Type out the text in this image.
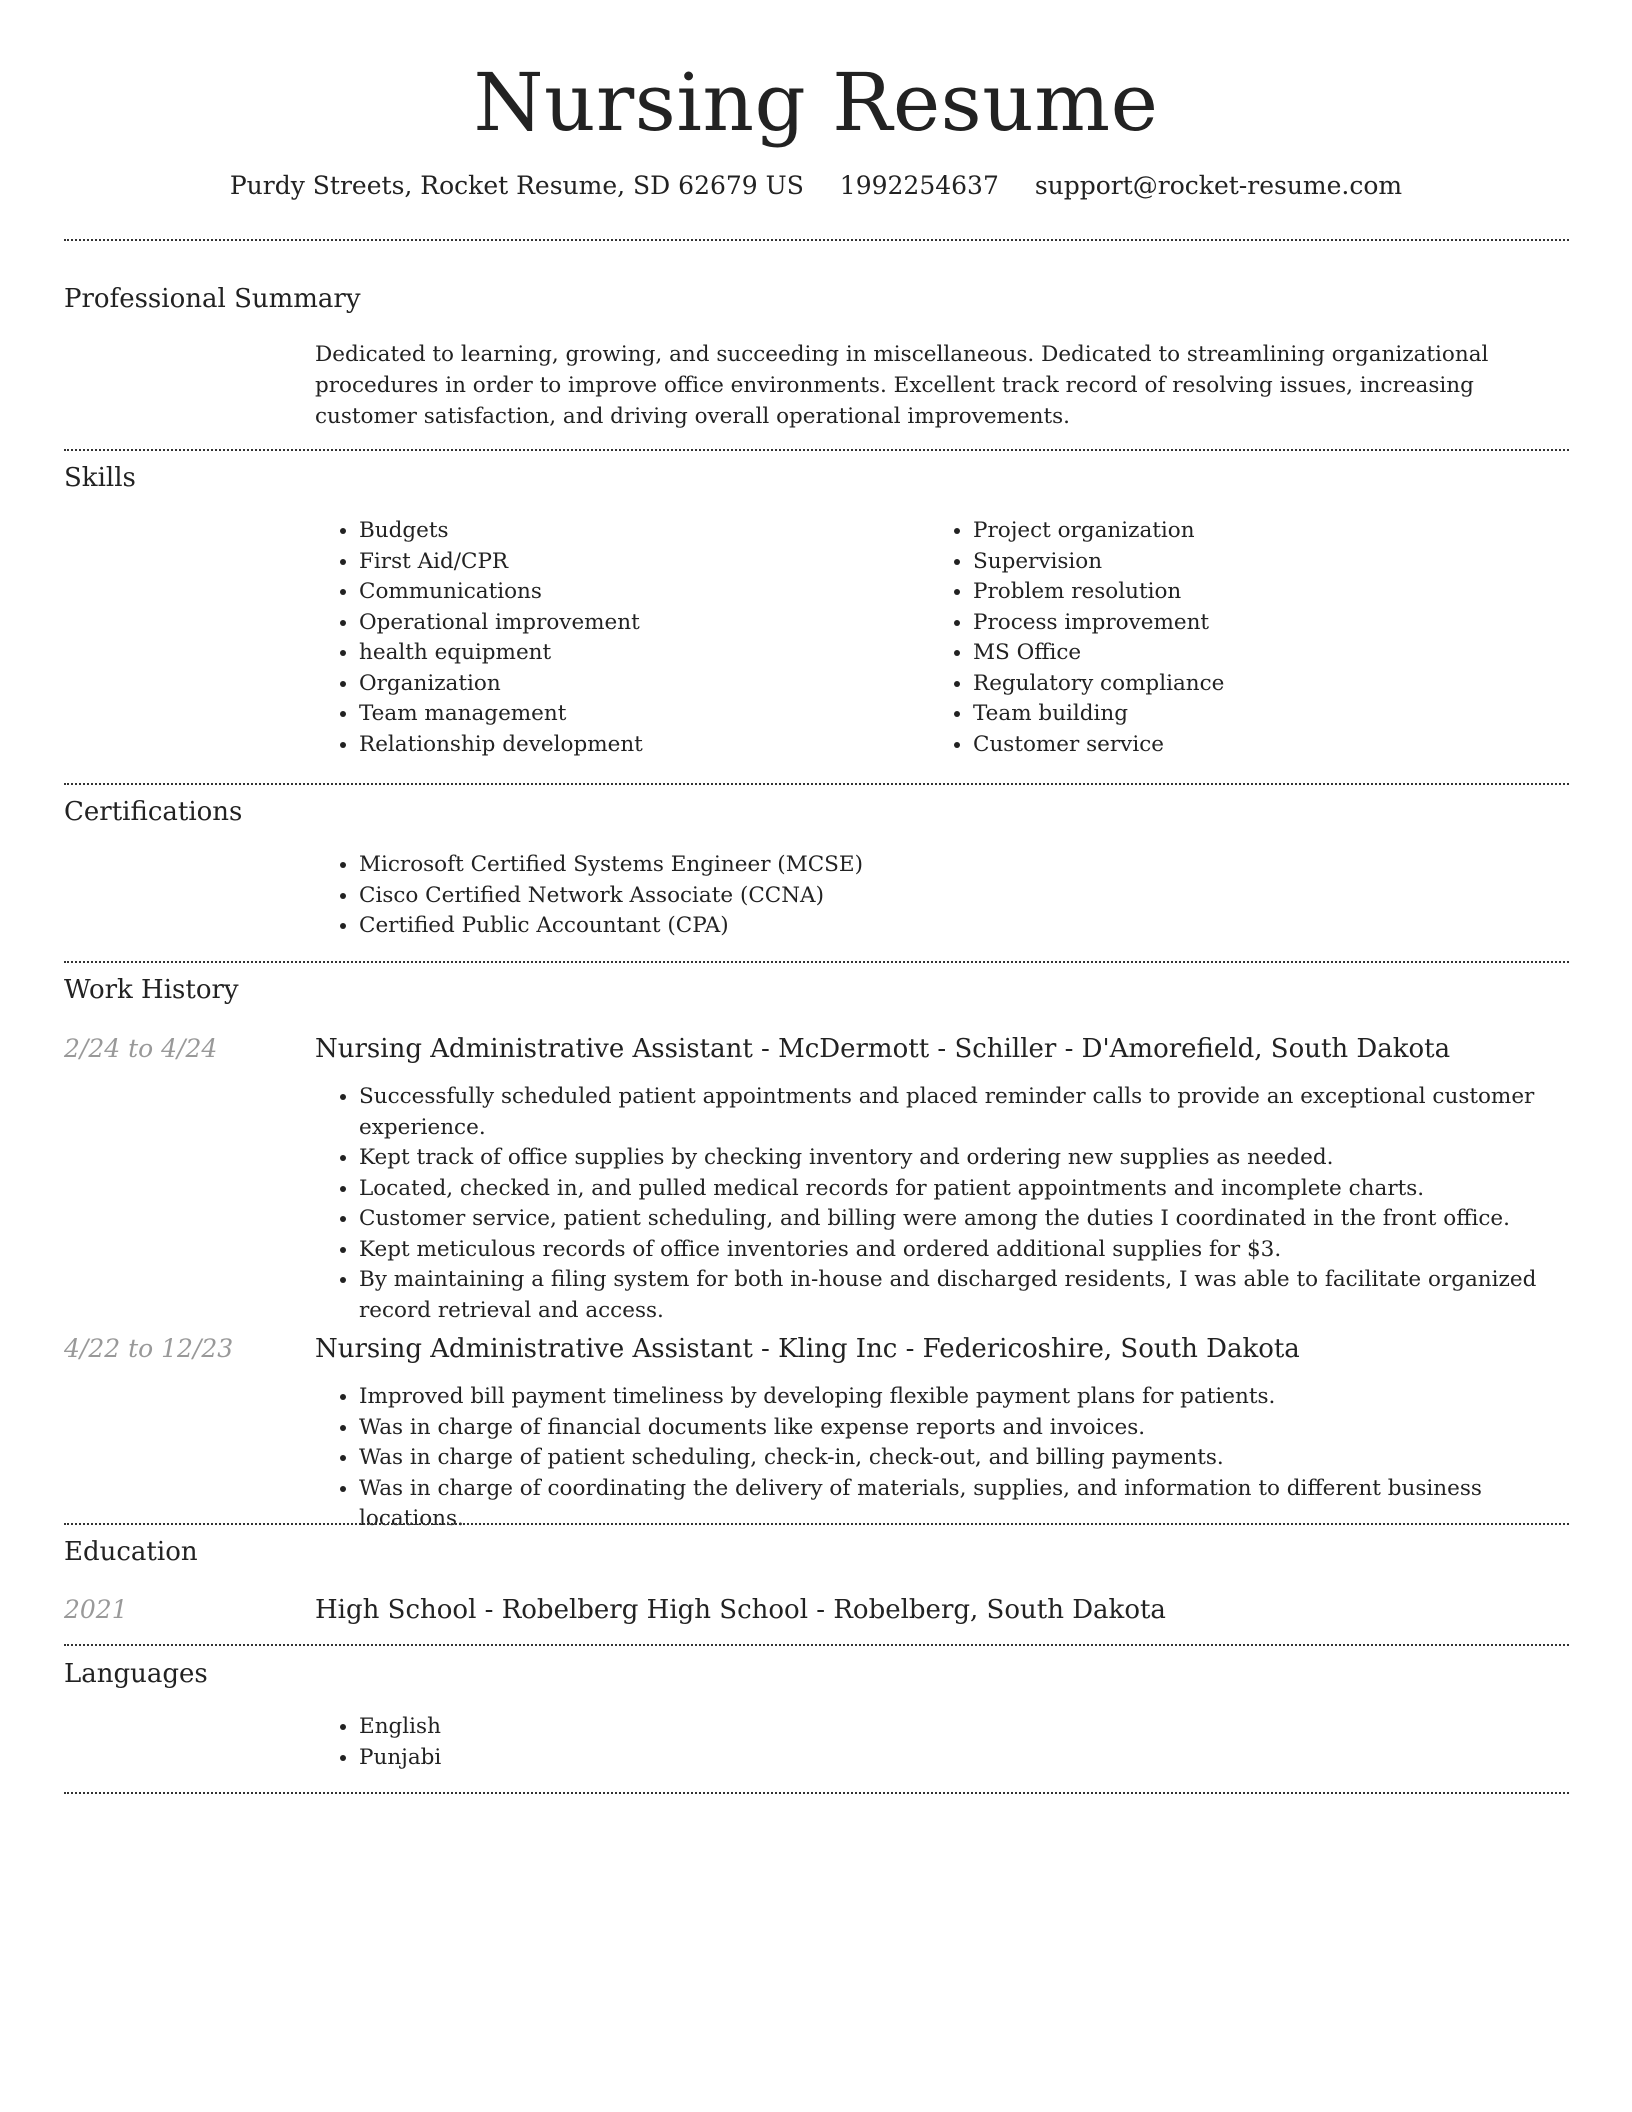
Nursing Resume
Purdy Streets, Rocket Resume, SD 62679 US 1992254637 support@rocket-resume.com
Professional Summary
Dedicated to learning, growing, and succeeding in miscellaneous. Dedicated to streamlining organizational procedures in order to improve office environments. Excellent track record of resolving issues, increasing customer satisfaction, and driving overall operational improvements.
Skills
• Budgets
• First Aid/CPR
• Communications
• Operational improvement
• health equipment
• Organization
• Team management
• Relationship development
• Project organization
• Supervision
• Problem resolution
• Process improvement
• MS Office
• Regulatory compliance
• Team building
• Customer service
Certifications
• Microsoft Certified Systems Engineer (MCSE)
• Cisco Certified Network Associate (CCNA)
• Certified Public Accountant (CPA)
Work History
2/24 to 4/24	Nursing Administrative Assistant - McDermott - Schiller - D'Amorefield, South Dakota
• Successfully scheduled patient appointments and placed reminder calls to provide an exceptional customer experience.
• Kept track of office supplies by checking inventory and ordering new supplies as needed.
• Located, checked in, and pulled medical records for patient appointments and incomplete charts.
• Customer service, patient scheduling, and billing were among the duties I coordinated in the front office.
• Kept meticulous records of office inventories and ordered additional supplies for $3.
• By maintaining a filing system for both in-house and discharged residents, I was able to facilitate organized record retrieval and access.
4/22 to 12/23	Nursing Administrative Assistant - Kling Inc - Federicoshire, South Dakota
• Improved bill payment timeliness by developing flexible payment plans for patients.
• Was in charge of financial documents like expense reports and invoices.
• Was in charge of patient scheduling, check-in, check-out, and billing payments.
• Was in charge of coordinating the delivery of materials, supplies, and information to different business locations.
Education
2021	High School - Robelberg High School - Robelberg, South Dakota
Languages
• English
• Punjabi
